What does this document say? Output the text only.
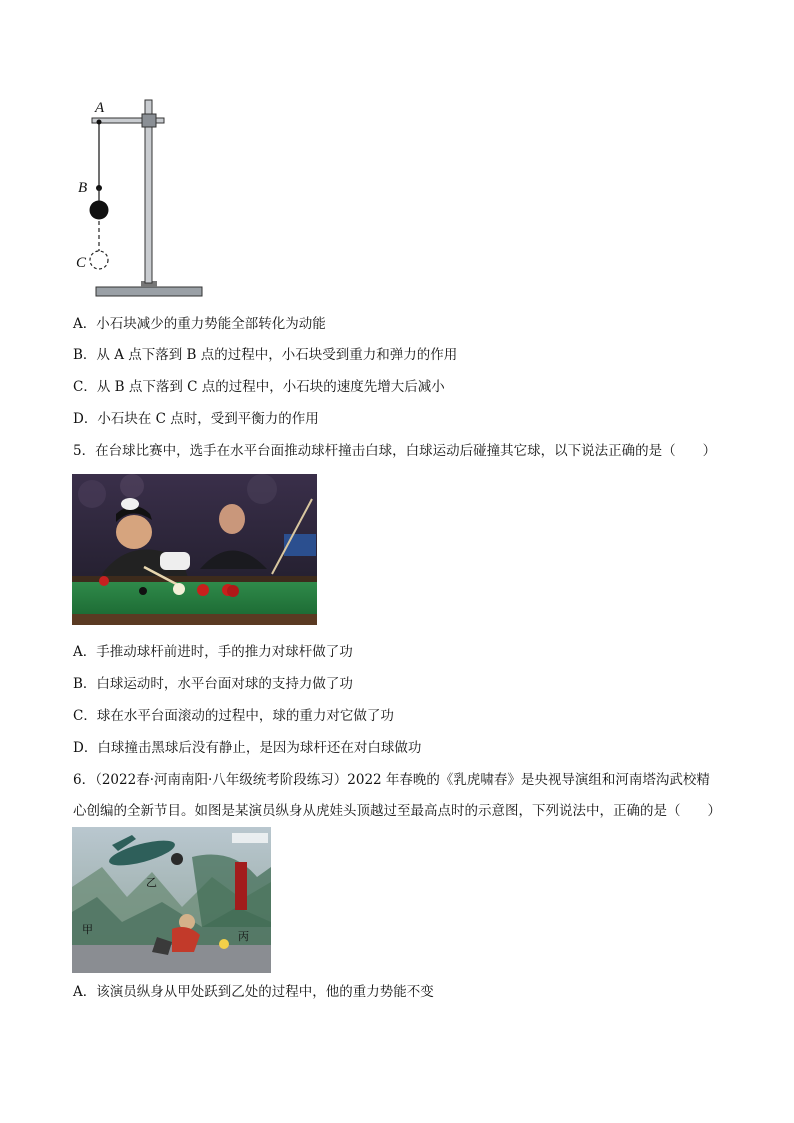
A
B
C
A．小石块减少的重力势能全部转化为动能
B．从 A 点下落到 B 点的过程中，小石块受到重力和弹力的作用
C．从 B 点下落到 C 点的过程中，小石块的速度先增大后减小
D．小石块在 C 点时，受到平衡力的作用
5．在台球比赛中，选手在水平台面推动球杆撞击白球，白球运动后碰撞其它球，以下说法正确的是（　　）
A．手推动球杆前进时，手的推力对球杆做了功
B．白球运动时，水平台面对球的支持力做了功
C．球在水平台面滚动的过程中，球的重力对它做了功
D．白球撞击黑球后没有静止，是因为球杆还在对白球做功
6．（2022春·河南南阳·八年级统考阶段练习）2022 年春晚的《乳虎啸春》是央视导演组和河南塔沟武校精
心创编的全新节目。如图是某演员纵身从虎娃头顶越过至最高点时的示意图，下列说法中，正确的是（　　）
乙
甲
丙
A．该演员纵身从甲处跃到乙处的过程中，他的重力势能不变
